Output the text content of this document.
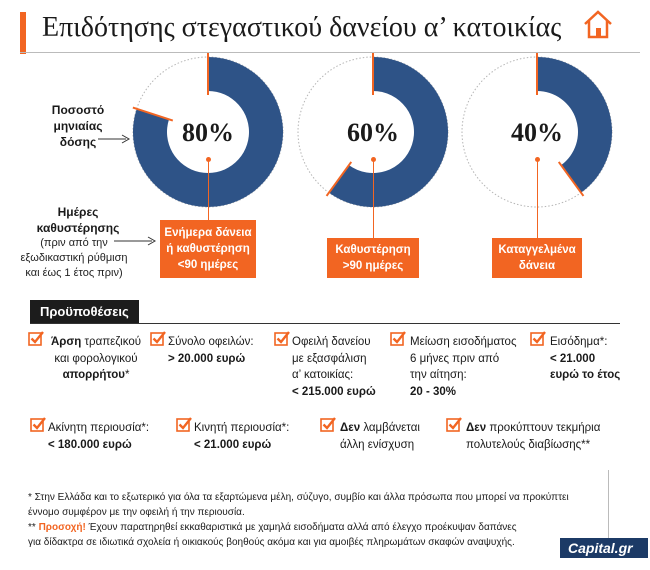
Επιδότησης στεγαστικού δανείου α’ κατοικίας
Ποσοστό
μηνιαίας
δόσης
Ημέρες
καθυστέρησης
(πριν από την
εξωδικαστική ρύθμιση
και έως 1 έτος πριν)
80%	60%	40%
Ενήμερα δάνεια
ή καθυστέρηση
<90 ημέρες
Καθυστέρηση
>90 ημέρες
Καταγγελμένα
δάνεια
Προϋποθέσεις
Άρση τραπεζικού
και φορολογικού
απορρήτου*
Σύνολο οφειλών:
> 20.000 ευρώ
Οφειλή δανείου
με εξασφάλιση
α’ κατοικίας:
< 215.000 ευρώ
Μείωση εισοδήματος
6 μήνες πριν από
την αίτηση:
20 - 30%
Εισόδημα*:
< 21.000
ευρώ το έτος
Ακίνητη περιουσία*:
< 180.000 ευρώ
Κινητή περιουσία*:
< 21.000 ευρώ
Δεν λαμβάνεται
άλλη ενίσχυση
Δεν προκύπτουν τεκμήρια
πολυτελούς διαβίωσης**
* Στην Ελλάδα και το εξωτερικό για όλα τα εξαρτώμενα μέλη, σύζυγο, συμβίο και άλλα πρόσωπα που μπορεί να προκύπτει
έννομο συμφέρον με την οφειλή ή την περιουσία.
** Προσοχή! Έχουν παρατηρηθεί εκκαθαριστικά με χαμηλά εισοδήματα αλλά από έλεγχο προέκυψαν δαπάνες
για δίδακτρα σε ιδιωτικά σχολεία ή οικιακούς βοηθούς ακόμα και για αμοιβές πληρωμάτων σκαφών αναψυχής.	Capital.gr
